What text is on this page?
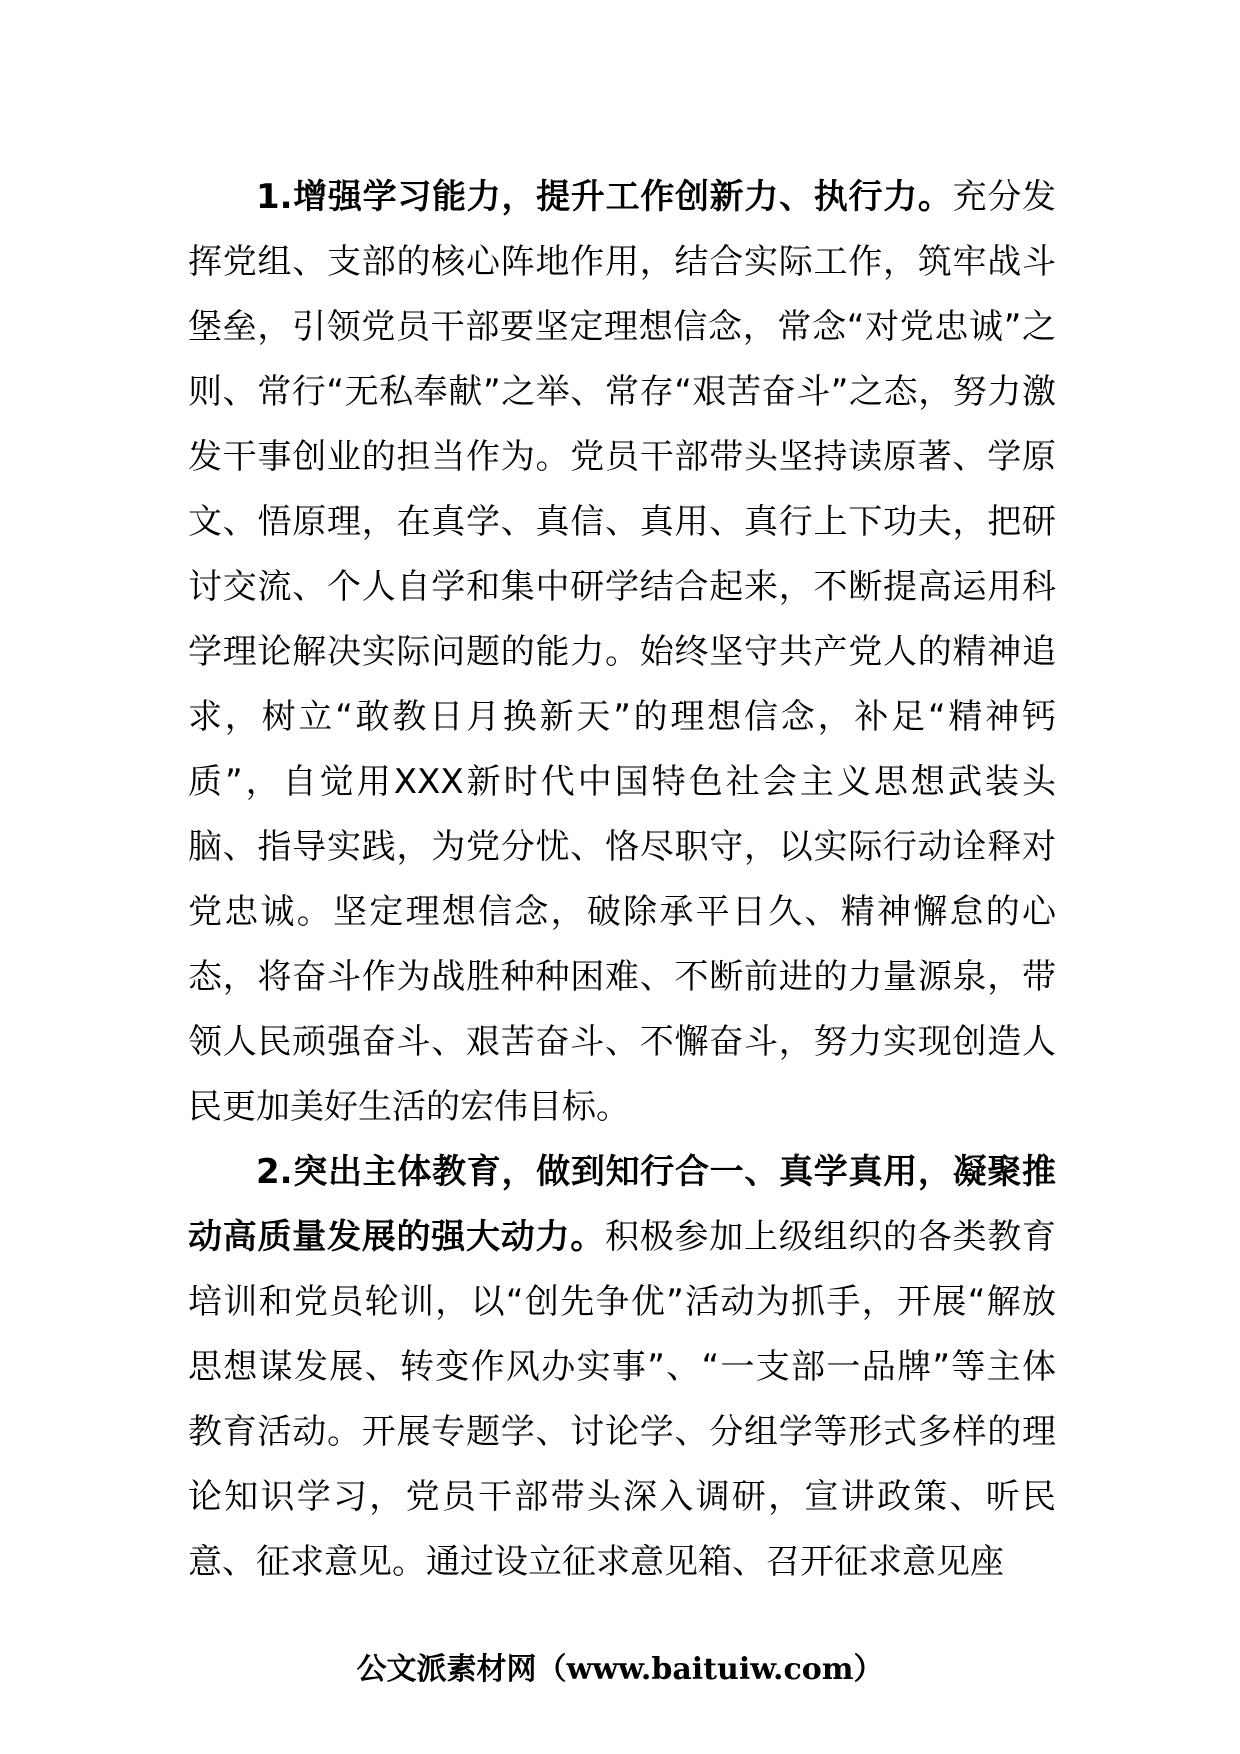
1.增强学习能力，提升工作创新力、执行力。充分发挥党组、支部的核心阵地作用，结合实际工作，筑牢战斗堡垒，引领党员干部要坚定理想信念，常念“对党忠诚”之则、常行“无私奉献”之举、常存“艰苦奋斗”之态，努力激发干事创业的担当作为。党员干部带头坚持读原著、学原文、悟原理，在真学、真信、真用、真行上下功夫，把研讨交流、个人自学和集中研学结合起来，不断提高运用科学理论解决实际问题的能力。始终坚守共产党人的精神追求，树立“敢教日月换新天”的理想信念，补足“精神钙质”，自觉用XXX新时代中国特色社会主义思想武装头脑、指导实践，为党分忧、恪尽职守，以实际行动诠释对党忠诚。坚定理想信念，破除承平日久、精神懈怠的心态，将奋斗作为战胜种种困难、不断前进的力量源泉，带领人民顽强奋斗、艰苦奋斗、不懈奋斗，努力实现创造人民更加美好生活的宏伟目标。

2.突出主体教育，做到知行合一、真学真用，凝聚推动高质量发展的强大动力。积极参加上级组织的各类教育培训和党员轮训，以“创先争优”活动为抓手，开展“解放思想谋发展、转变作风办实事”、“一支部一品牌”等主体教育活动。开展专题学、讨论学、分组学等形式多样的理论知识学习，党员干部带头深入调研，宣讲政策、听民意、征求意见。通过设立征求意见箱、召开征求意见座

公文派素材网（www.baituiw.com）
